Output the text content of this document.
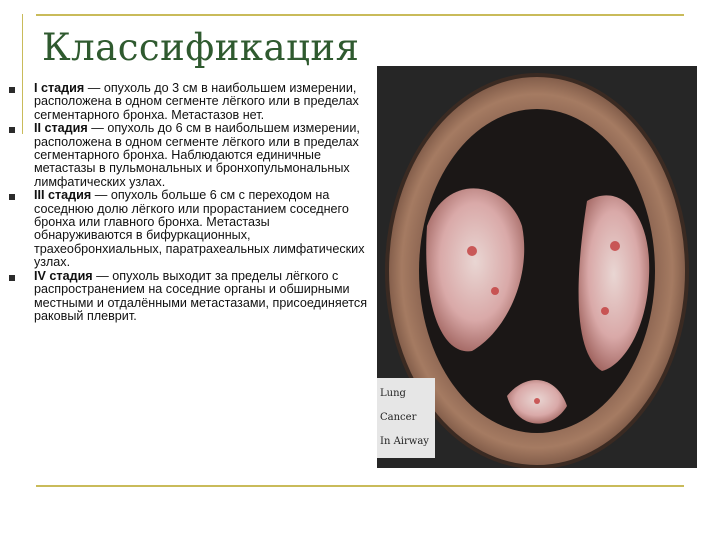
Классификация
I стадия — опухоль до 3 см в наибольшем измерении, расположена в одном сегменте лёгкого или в пределах сегментарного бронха. Метастазов нет.
II стадия — опухоль до 6 см в наибольшем измерении, расположена в одном сегменте лёгкого или в пределах сегментарного бронха. Наблюдаются единичные метастазы в пульмональных и бронхопульмональных лимфатических узлах.
III стадия — опухоль больше 6 см с переходом на соседнюю долю лёгкого или прорастанием соседнего бронха или главного бронха. Метастазы обнаруживаются в бифуркационных, трахеобронхиальных, паратрахеальных лимфатических узлах.
IV стадия — опухоль выходит за пределы лёгкого с распространением на соседние органы и обширными местными и отдалёнными метастазами, присоединяется раковый плеврит.
Lung Cancer
In Airway
